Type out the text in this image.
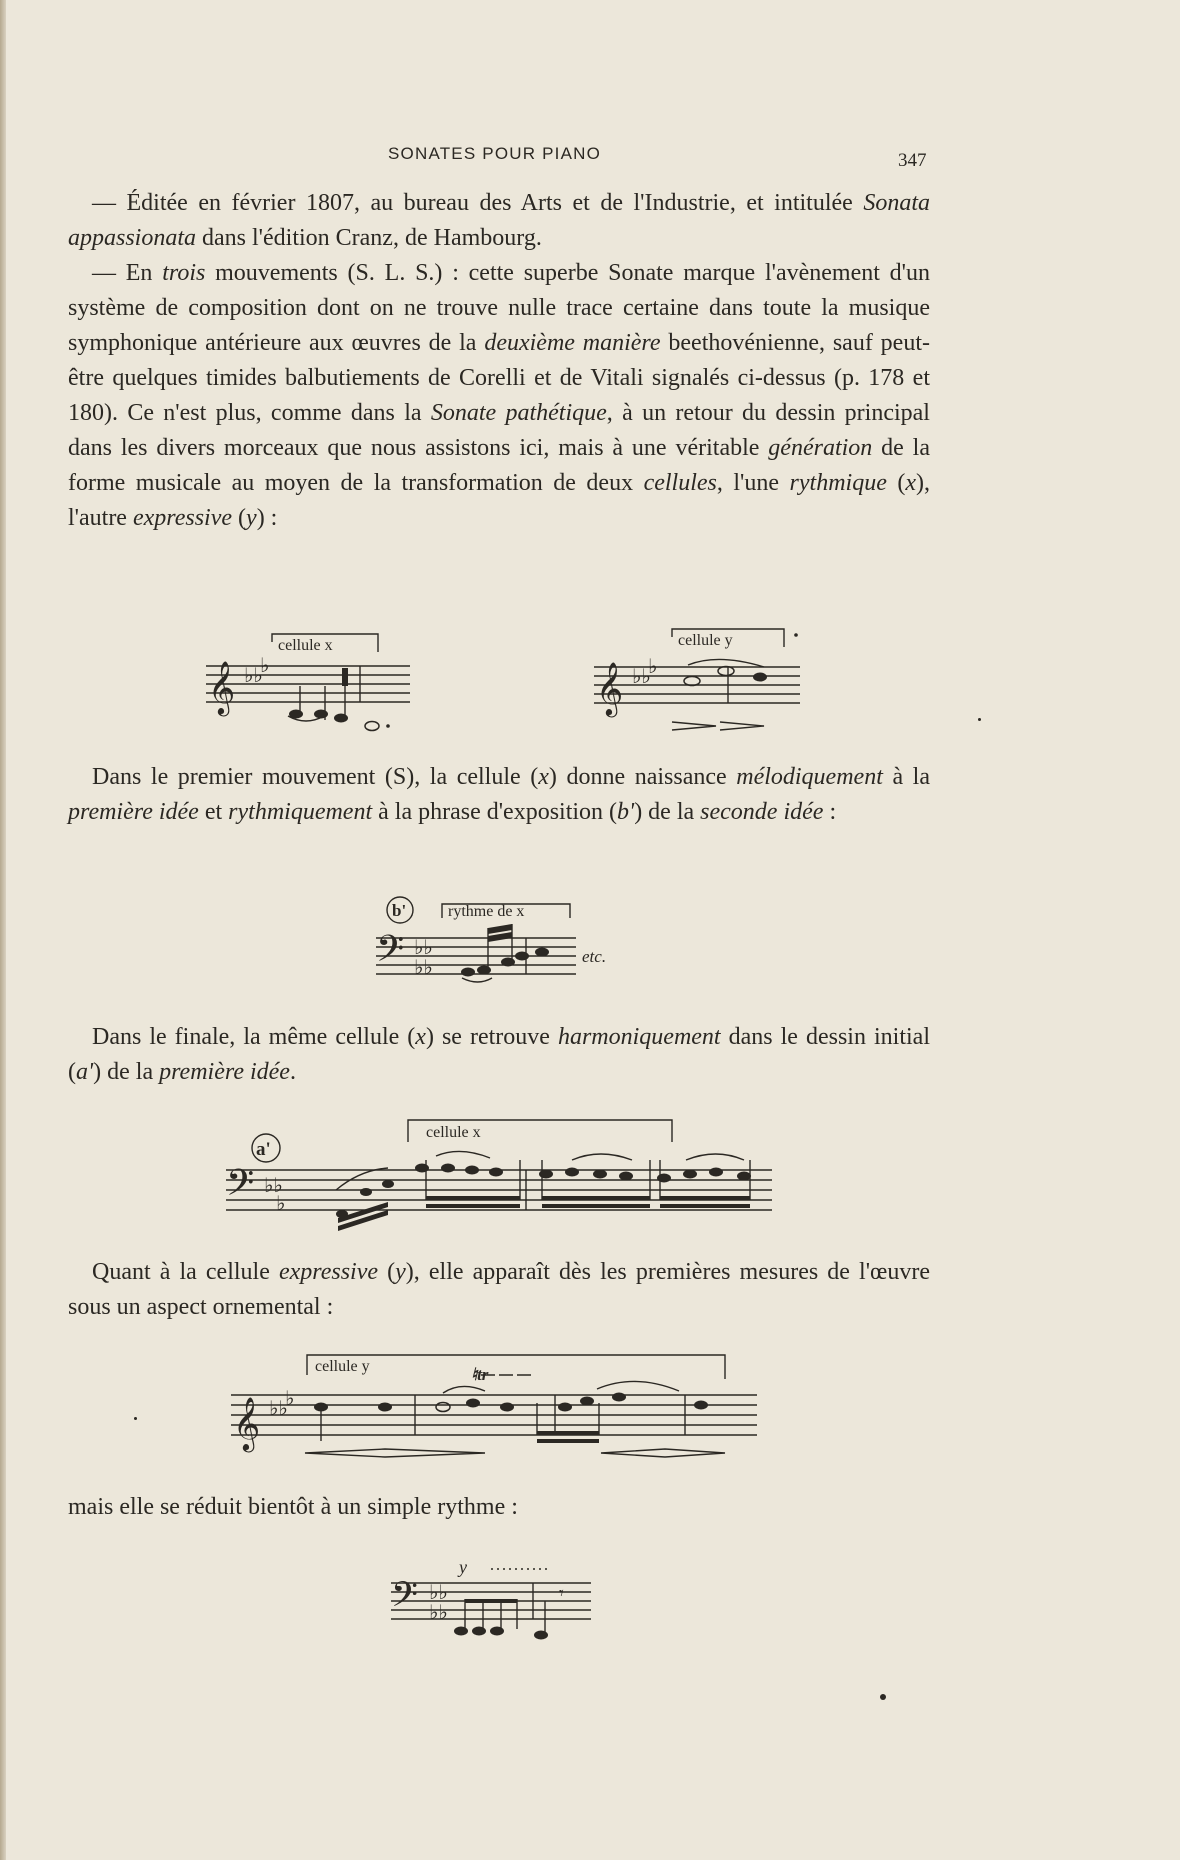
SONATES POUR PIANO	347

— Éditée en février 1807, au bureau des Arts et de l'Industrie, et intitulée Sonata appassionata dans l'édition Cranz, de Hambourg.

— En trois mouvements (S. L. S.) : cette superbe Sonate marque l'avènement d'un système de composition dont on ne trouve nulle trace certaine dans toute la musique symphonique antérieure aux œuvres de la deuxième manière beethovénienne, sauf peut-être quelques timides balbutiements de Corelli et de Vitali signalés ci-dessus (p. 178 et 180). Ce n'est plus, comme dans la Sonate pathétique, à un retour du dessin principal dans les divers morceaux que nous assistons ici, mais à une véritable génération de la forme musicale au moyen de la transformation de deux cellules, l'une rythmique (x), l'autre expressive (y) :

𝄞 ♭♭
♭
cellule x
𝄞 ♭♭
♭
cellule y

Dans le premier mouvement (S), la cellule (x) donne naissance mélodiquement à la première idée et rythmiquement à la phrase d'exposition (b') de la seconde idée :

𝄢 ♭♭
♭♭
b'	rythme de x
etc.

Dans le finale, la même cellule (x) se retrouve harmoniquement dans le dessin initial (a') de la première idée.

𝄢 ♭♭
♭
a'
cellule x

Quant à la cellule expressive (y), elle apparaît dès les premières mesures de l'œuvre sous un aspect ornemental :

𝄞 ♭♭
♭
cellule y	♮tr

mais elle se réduit bientôt à un simple rythme :

𝄢 ♭♭
♭♭
𝄾
y
